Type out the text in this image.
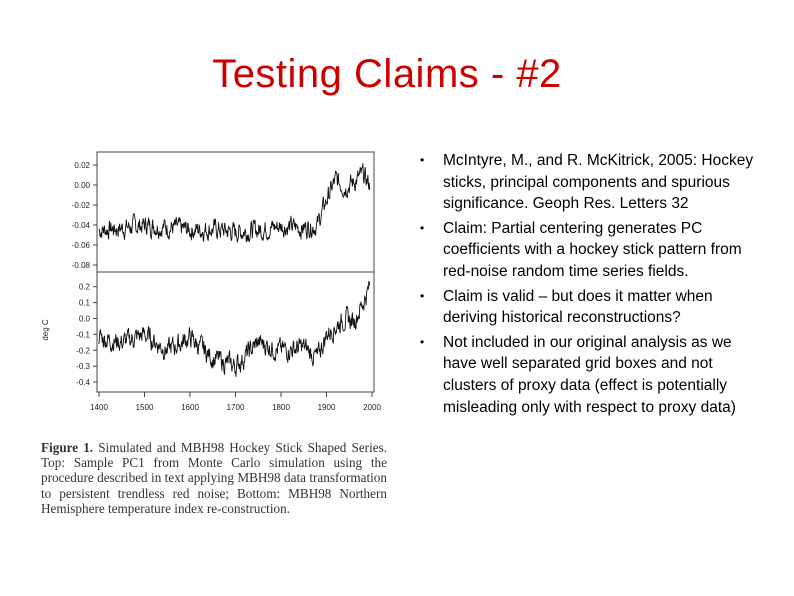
Testing Claims - #2
0.02
0.00
-0.02
-0.04
-0.06
-0.08
0.2
0.1
0.0
-0.1
-0.2
-0.3
-0.4
1400	1500	1600	1700	1800	1900	2000
deg C
Figure 1. Simulated and MBH98 Hockey Stick Shaped Series. Top: Sample PC1 from Monte Carlo simulation using the procedure described in text applying MBH98 data transformation to persistent trendless red noise; Bottom: MBH98 Northern Hemisphere temperature index re-construction.
• McIntyre, M., and R. McKitrick, 2005: Hockey sticks, principal components and spurious significance. Geoph Res. Letters 32
• Claim: Partial centering generates PC coefficients with a hockey stick pattern from red-noise random time series fields.
• Claim is valid – but does it matter when deriving historical reconstructions?
• Not included in our original analysis as we have well separated grid boxes and not clusters of proxy data (effect is potentially misleading only with respect to proxy data)
